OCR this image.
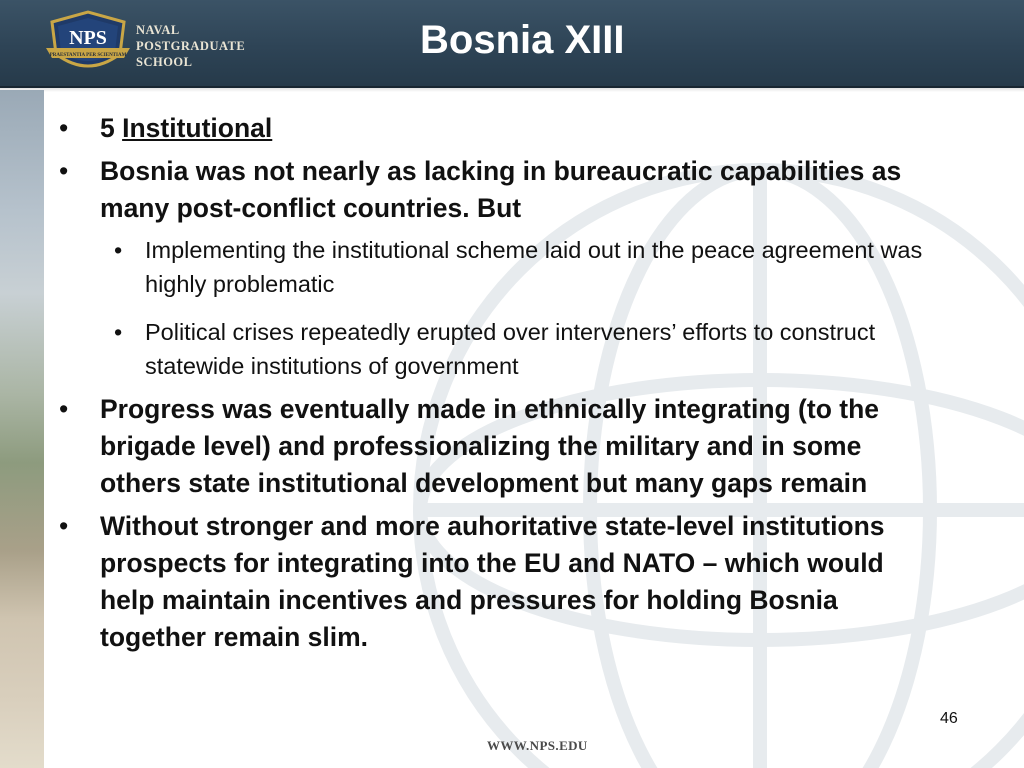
NPS
PRAESTANTIA PER SCIENTIAM
NAVAL
POSTGRADUATE
SCHOOL	Bosnia XIII
• 5 Institutional
• Bosnia was not nearly as lacking in bureaucratic capabilities as many post-conflict countries. But
• Implementing the institutional scheme laid out in the peace agreement was highly problematic
• Political crises repeatedly erupted over interveners’ efforts to construct statewide institutions of government
• Progress was eventually made in ethnically integrating (to the brigade level) and professionalizing the military and in some others state institutional development but many gaps remain
• Without stronger and more auhoritative state-level institutions prospects for integrating into the EU and NATO – which would help maintain incentives and pressures for holding Bosnia together remain slim.
46
WWW.NPS.EDU
